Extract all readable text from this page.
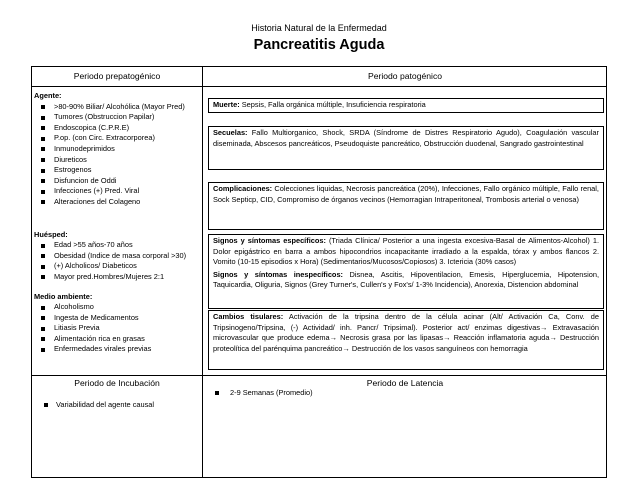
Historia Natural de la Enfermedad
Pancreatitis Aguda
Periodo prepatogénico	Periodo patogénico
Agente:
>80-90% Biliar/ Alcohólica (Mayor Pred)
Tumores (Obstruccion Papilar)
Endoscopica (C.P.R.E)
P.op. (con Circ. Extracorporea)
Inmunodeprimidos
Diureticos
Estrogenos
Disfuncion de Oddi
Infecciones (+) Pred. Viral
Alteraciones del Colageno
Huésped:
Edad >55 años-70 años
Obesidad (Indice de masa corporal >30)
(+) Alcholicos/ Diabeticos
Mayor pred.Hombres/Mujeres 2:1
Medio ambiente:
Alcoholismo
Ingesta de Medicamentos
Litiasis Previa
Alimentación rica en grasas
Enfermedades virales previas
Muerte: Sepsis, Falla orgánica múltiple, Insuficiencia respiratoria
Secuelas: Fallo Multiorganico, Shock, SRDA (Síndrome de Distres Respiratorio Agudo), Coagulación vascular diseminada, Abscesos pancreáticos, Pseudoquiste pancreático, Obstrucción duodenal, Sangrado gastrointestinal
Complicaciones: Colecciones liquidas, Necrosis pancreática (20%), Infecciones, Fallo orgánico múltiple, Fallo renal, Sock Septicp, CID, Compromiso de órganos vecinos (Hemorragian Intraperitoneal, Trombosis arterial o venosa)
Signos y síntomas específicos: (Triada Clínica/ Posterior a una ingesta excesiva-Basal de Alimentos-Alcohol) 1. Dolor epigástrico en barra a ambos hipocondrios incapacitante irradiado a la espalda, tórax y ambos flancos 2. Vomito (10-15 episodios x Hora) (Sedimentarios/Mucosos/Copiosos) 3. Ictericia (30% casos)
Signos y síntomas inespecíficos: Disnea, Ascitis, Hipoventilacion, Emesis, Hiperglucemia, Hipotension, Taquicardia, Oliguria, Signos (Grey Turner's, Cullen's y Fox's/ 1-3% Incidencia), Anorexia, Distencion abdominal
Cambios tisulares: Activación de la tripsina dentro de la célula acinar (Alt/ Activación Ca, Conv. de Tripsinogeno/Tripsina, (-) Actividad/ inh. Pancr/ Tripsimal). Posterior act/ enzimas digestivas→ Extravasación microvascular que produce edema→ Necrosis grasa por las lipasas→ Reacción inflamatoria aguda→ Destrucción proteolítica del parénquima pancreático→ Destrucción de los vasos sanguíneos con hemorragia
Periodo de Incubación	Periodo de Latencia
Variabilidad del agente causal
2-9 Semanas (Promedio)
